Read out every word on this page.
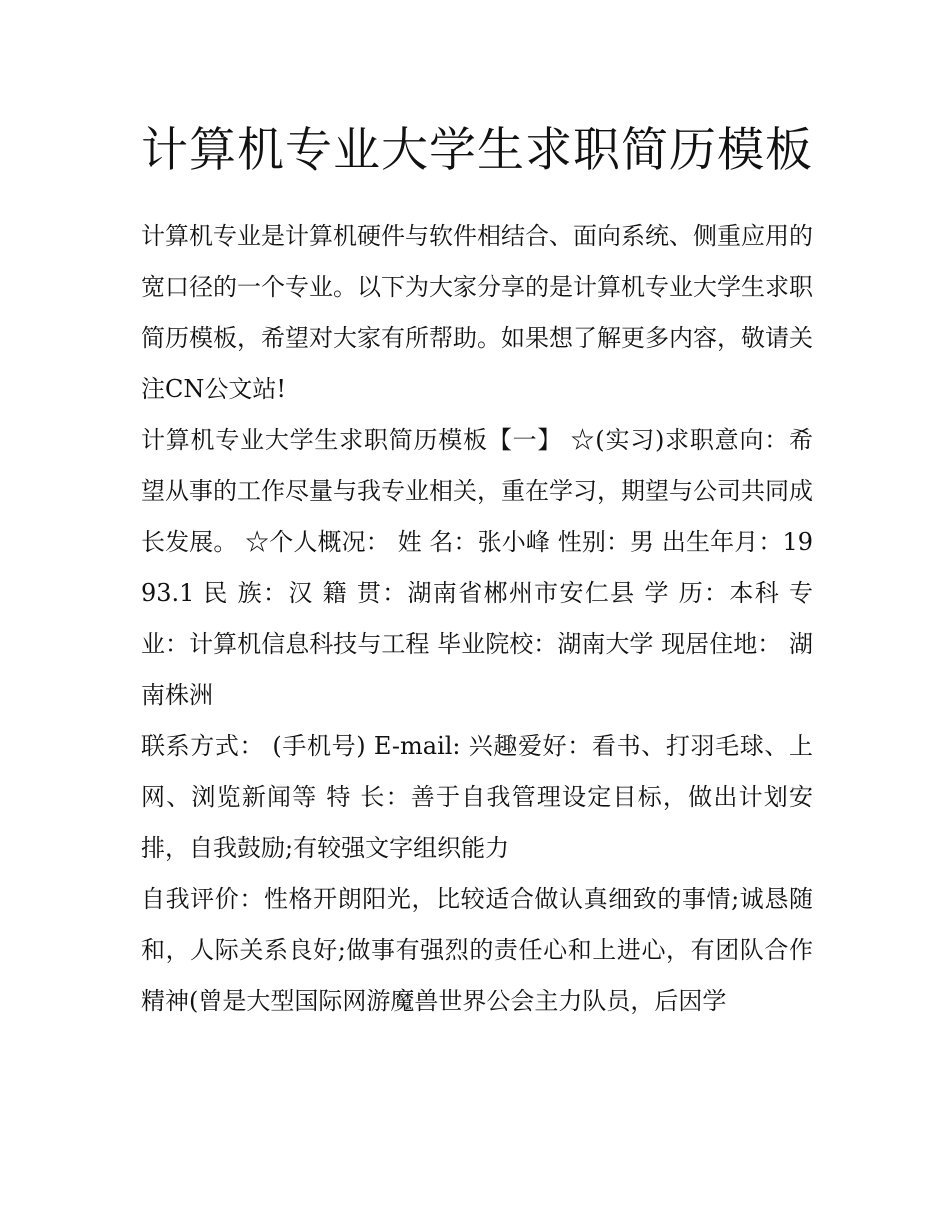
计算机专业大学生求职简历模板

计算机专业是计算机硬件与软件相结合、面向系统、侧重应用的宽口径的一个专业。以下为大家分享的是计算机专业大学生求职简历模板，希望对大家有所帮助。如果想了解更多内容，敬请关注CN公文站!

计算机专业大学生求职简历模板【一】 ☆(实习)求职意向：希望从事的工作尽量与我专业相关，重在学习，期望与公司共同成长发展。 ☆个人概况： 姓 名：张小峰 性别：男 出生年月：1993.1 民 族：汉 籍 贯：湖南省郴州市安仁县 学 历：本科 专 业：计算机信息科技与工程 毕业院校：湖南大学 现居住地： 湖南株洲

联系方式： (手机号) E-mail: 兴趣爱好：看书、打羽毛球、上网、浏览新闻等 特 长：善于自我管理设定目标，做出计划安排，自我鼓励;有较强文字组织能力

自我评价：性格开朗阳光，比较适合做认真细致的事情;诚恳随和，人际关系良好;做事有强烈的责任心和上进心，有团队合作精神(曾是大型国际网游魔兽世界公会主力队员，后因学
